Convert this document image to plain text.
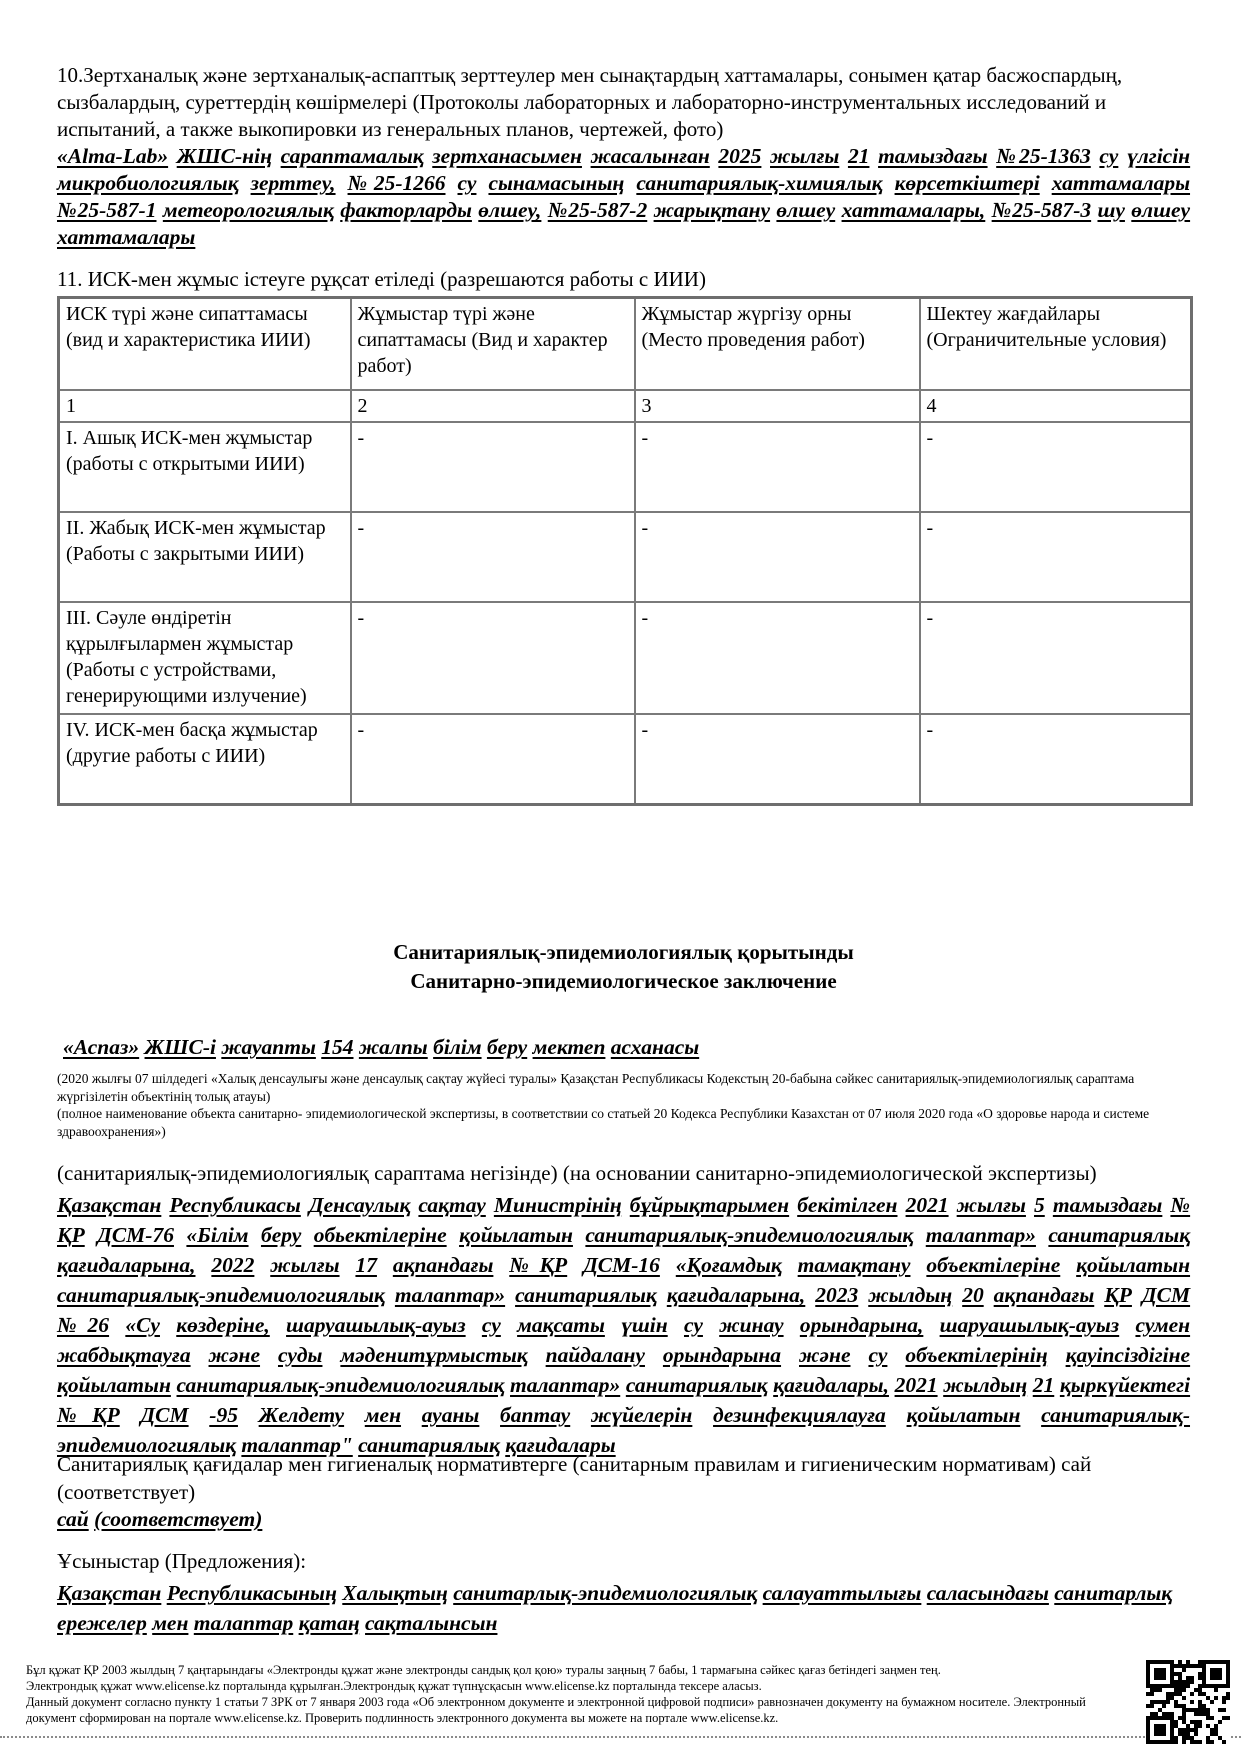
10.Зертханалық және зертханалық-аспаптық зерттеулер мен сынақтардың хаттамалары, сонымен қатар басжоспардың, сызбалардың, суреттердің көшірмелері (Протоколы лабораторных и лабораторно-инструментальных исследований и испытаний, а также выкопировки из генеральных планов, чертежей, фото)

«Alma-Lab» ЖШС-нің сараптамалық зертханасымен жасалынған 2025 жылғы 21 тамыздағы №25-1363 су үлгісін микробиологиялық зерттеу, №25-1266 су сынамасының санитариялық-химиялық көрсеткіштері хаттамалары №25-587-1 метеорологиялық факторларды өлшеу, №25-587-2 жарықтану өлшеу хаттамалары, №25-587-3 шу өлшеу хаттамалары

11. ИСК-мен жұмыс істеуге рұқсат етіледі (разрешаются работы с ИИИ)

ИСК түрі және сипаттамасы (вид и характеристика ИИИ)	Жұмыстар түрі және сипаттамасы (Вид и характер работ)	Жұмыстар жүргізу орны (Место проведения работ)	Шектеу жағдайлары (Ограничительные условия)
1	2	3	4
I. Ашық ИСК-мен жұмыстар (работы с открытыми ИИИ)	-	-	-
II. Жабық ИСК-мен жұмыстар (Работы с закрытыми ИИИ)	-	-	-
III. Сәуле өндіретін құрылғылармен жұмыстар (Работы с устройствами, генерирующими излучение)	-	-	-
IV. ИСК-мен басқа жұмыстар (другие работы с ИИИ)	-	-	-

Санитариялық-эпидемиологиялық қорытынды

Санитарно-эпидемиологическое заключение

«Аспаз» ЖШС-і жауапты 154 жалпы білім беру мектеп асханасы

(2020 жылғы 07 шілдедегі «Халық денсаулығы және денсаулық сақтау жүйесі туралы» Қазақстан Республикасы Кодекстың 20-бабына сәйкес санитариялық-эпидемиологиялық сараптама жүргізілетін объектінің толық атауы)

(полное наименование объекта санитарно- эпидемиологической экспертизы, в соответствии со статьей 20 Кодекса Республики Казахстан от 07 июля 2020 года «О здоровье народа и системе здравоохранения»)

(санитариялық-эпидемиологиялық сараптама негізінде) (на основании санитарно-эпидемиологической экспертизы)

Қазақстан Республикасы Денсаулық сақтау Министрінің бұйрықтарымен бекітілген 2021 жылғы 5 тамыздағы № ҚР ДСМ-76 «Білім беру обьектілеріне қойылатын санитариялық-эпидемиологиялық талаптар» санитариялық қағидаларына, 2022 жылғы 17 ақпандағы №ҚР ДСМ-16 «Қоғамдық тамақтану объектілеріне қойылатын санитариялық-эпидемиологиялық талаптар» санитариялық қағидаларына, 2023 жылдың 20 ақпандағы ҚР ДСМ №26 «Су көздеріне, шаруашылық-ауыз су мақсаты үшін су жинау орындарына, шаруашылық-ауыз сумен жабдықтауға және суды мәденитұрмыстық пайдалану орындарына және су объектілерінің қауіпсіздігіне қойылатын санитариялық-эпидемиологиялық талаптар» санитариялық қағидалары, 2021 жылдың 21 қыркүйектегі №ҚР ДСМ -95 Желдету мен ауаны баптау жүйелерін дезинфекциялауға қойылатын санитариялық-эпидемиологиялық талаптар" санитариялық қағидалары

Санитариялық қағидалар мен гигиеналық нормативтерге (санитарным правилам и гигиеническим нормативам) сай (соответствует)

сай (соответствует)

Ұсыныстар (Предложения):

Қазақстан Республикасының Халықтың санитарлық-эпидемиологиялық салауаттылығы саласындағы санитарлық ережелер мен талаптар қатаң сақталынсын

Бұл құжат ҚР 2003 жылдың 7 қаңтарындағы «Электронды құжат және электронды сандық қол қою» туралы заңның 7 бабы, 1 тармағына сәйкес қағаз бетіндегі заңмен тең.

Электрондық құжат www.elicense.kz порталында құрылған.Электрондық құжат түпнұсқасын www.elicense.kz порталында тексере аласыз.

Данный документ согласно пункту 1 статьи 7 ЗРК от 7 января 2003 года «Об электронном документе и электронной цифровой подписи» равнозначен документу на бумажном носителе. Электронный документ сформирован на портале www.elicense.kz. Проверить подлинность электронного документа вы можете на портале www.elicense.kz.
